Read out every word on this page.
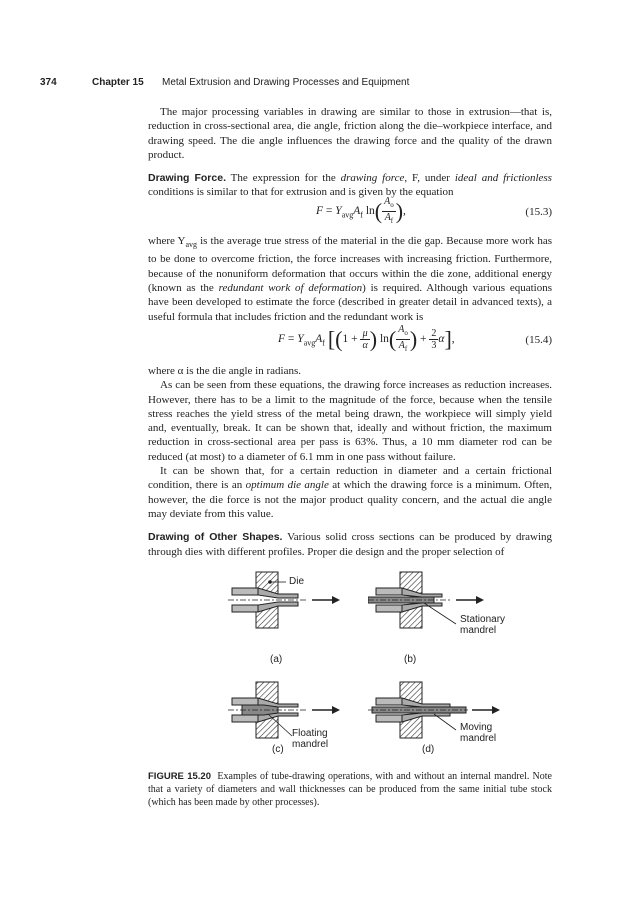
374	Chapter 15	Metal Extrusion and Drawing Processes and Equipment

The major processing variables in drawing are similar to those in extrusion—that is, reduction in cross-sectional area, die angle, friction along the die–workpiece interface, and drawing speed. The die angle influences the drawing force and the quality of the drawn product.

Drawing Force. The expression for the drawing force, F, under ideal and frictionless conditions is similar to that for extrusion and is given by the equation

$F = Y_{avg}A_f$ $\ln( \frac{A_o}{A_f}$ ),	(15.3)

where $Y_{avg}$ is the average true stress of the material in the die gap. Because more work has to be done to overcome friction, the force increases with increasing friction. Furthermore, because of the nonuniform deformation that occurs within the die zone, additional energy (known as the redundant work of deformation) is required. Although various equations have been developed to estimate the force (described in greater detail in advanced texts), a useful formula that includes friction and the redundant work is

$F = Y_{avg}A_f$ [($1 + \frac{\mu}{\alpha}$ ) $\ln( \frac{A_o}{A_f}$ ) + $\frac{2}{3} \alpha$],	(15.4)

where α is the die angle in radians.

As can be seen from these equations, the drawing force increases as reduction increases. However, there has to be a limit to the magnitude of the force, because when the tensile stress reaches the yield stress of the metal being drawn, the workpiece will simply yield and, eventually, break. It can be shown that, ideally and without friction, the maximum reduction in cross-sectional area per pass is 63%. Thus, a 10 mm diameter rod can be reduced (at most) to a diameter of 6.1 mm in one pass without failure.

It can be shown that, for a certain reduction in diameter and a certain frictional condition, there is an optimum die angle at which the drawing force is a minimum. Often, however, the die force is not the major product quality concern, and the actual die angle may deviate from this value.

Drawing of Other Shapes. Various solid cross sections can be produced by drawing through dies with different profiles. Proper die design and the proper selection of

Die
(a)
Stationary
mandrel
(b)
Floating
mandrel
(c)
Moving
mandrel
(d)
FIGURE 15.20 Examples of tube-drawing operations, with and without an internal mandrel. Note that a variety of diameters and wall thicknesses can be produced from the same initial tube stock (which has been made by other processes).
